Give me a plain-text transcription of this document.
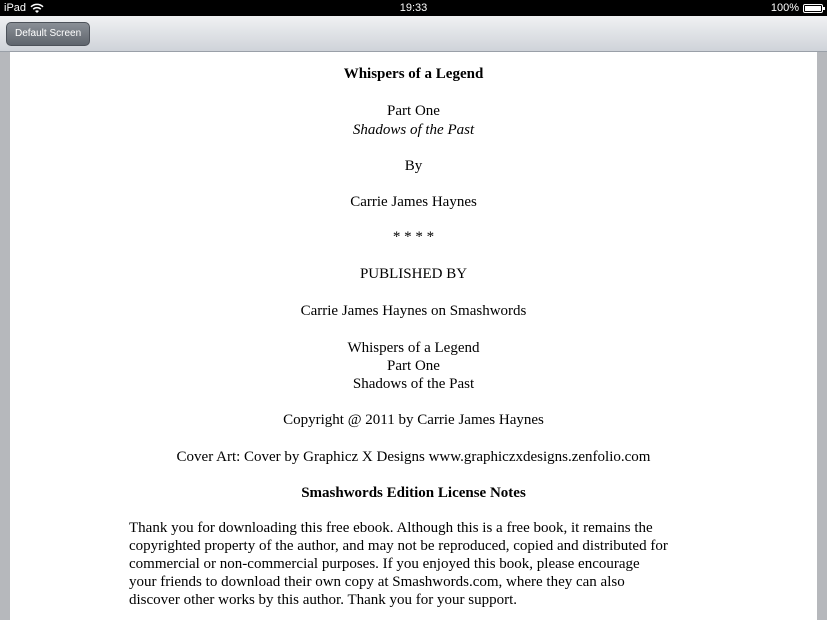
iPad	19:33	100%
Default Screen
Whispers of a Legend
Part One
Shadows of the Past
By
Carrie James Haynes
* * * *
PUBLISHED BY
Carrie James Haynes on Smashwords
Whispers of a Legend
Part One
Shadows of the Past
Copyright @ 2011 by Carrie James Haynes
Cover Art: Cover by Graphicz X Designs www.graphiczxdesigns.zenfolio.com
Smashwords Edition License Notes
Thank you for downloading this free ebook. Although this is a free book, it remains the
copyrighted property of the author, and may not be reproduced, copied and distributed for
commercial or non-commercial purposes. If you enjoyed this book, please encourage
your friends to download their own copy at Smashwords.com, where they can also
discover other works by this author. Thank you for your support.
